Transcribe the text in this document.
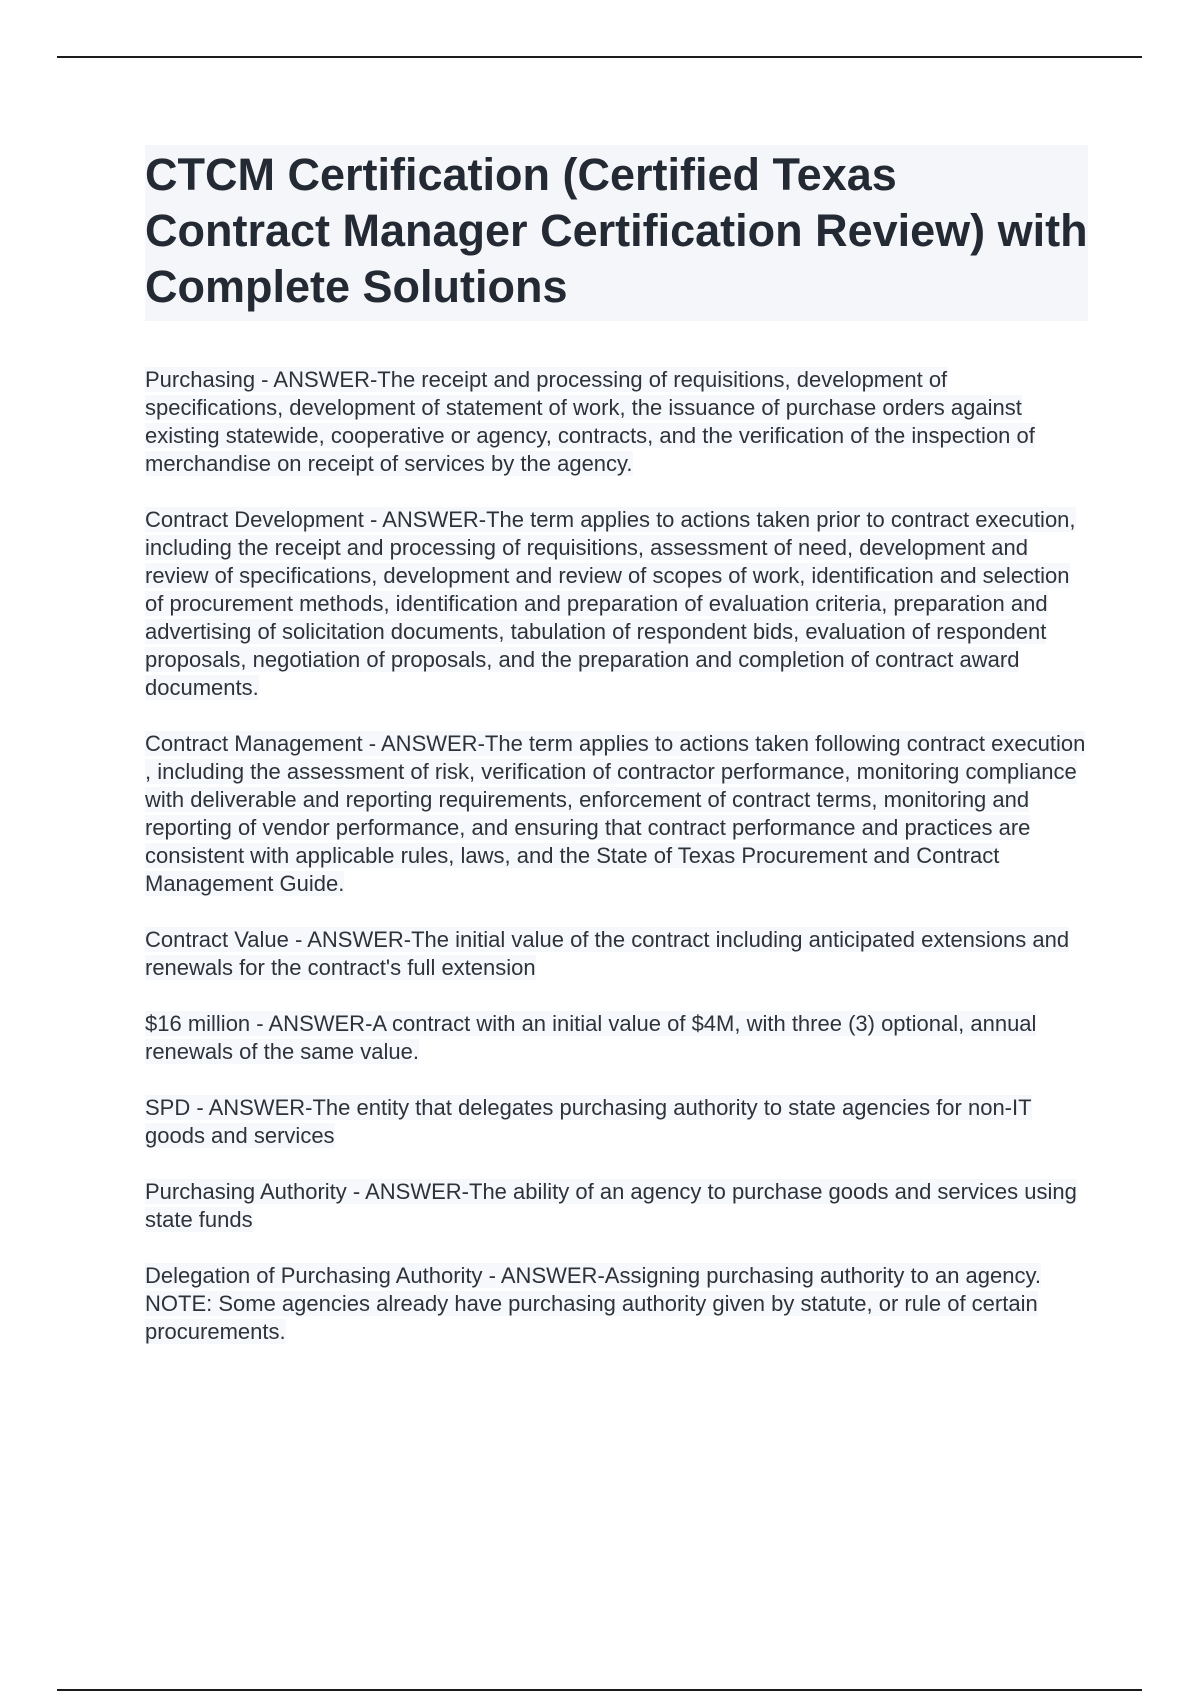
CTCM Certification (Certified Texas Contract Manager Certification Review) with Complete Solutions

Purchasing - ANSWER-The receipt and processing of requisitions, development of specifications, development of statement of work, the issuance of purchase orders against existing statewide, cooperative or agency, contracts, and the verification of the inspection of merchandise on receipt of services by the agency.

Contract Development - ANSWER-The term applies to actions taken prior to contract execution, including the receipt and processing of requisitions, assessment of need, development and review of specifications, development and review of scopes of work, identification and selection of procurement methods, identification and preparation of evaluation criteria, preparation and advertising of solicitation documents, tabulation of respondent bids, evaluation of respondent proposals, negotiation of proposals, and the preparation and completion of contract award documents.

Contract Management - ANSWER-The term applies to actions taken following contract execution , including the assessment of risk, verification of contractor performance, monitoring compliance with deliverable and reporting requirements, enforcement of contract terms, monitoring and reporting of vendor performance, and ensuring that contract performance and practices are consistent with applicable rules, laws, and the State of Texas Procurement and Contract Management Guide.

Contract Value - ANSWER-The initial value of the contract including anticipated extensions and renewals for the contract's full extension

$16 million - ANSWER-A contract with an initial value of $4M, with three (3) optional, annual renewals of the same value.

SPD - ANSWER-The entity that delegates purchasing authority to state agencies for non-IT goods and services

Purchasing Authority - ANSWER-The ability of an agency to purchase goods and services using state funds

Delegation of Purchasing Authority - ANSWER-Assigning purchasing authority to an agency. NOTE: Some agencies already have purchasing authority given by statute, or rule of certain procurements.
